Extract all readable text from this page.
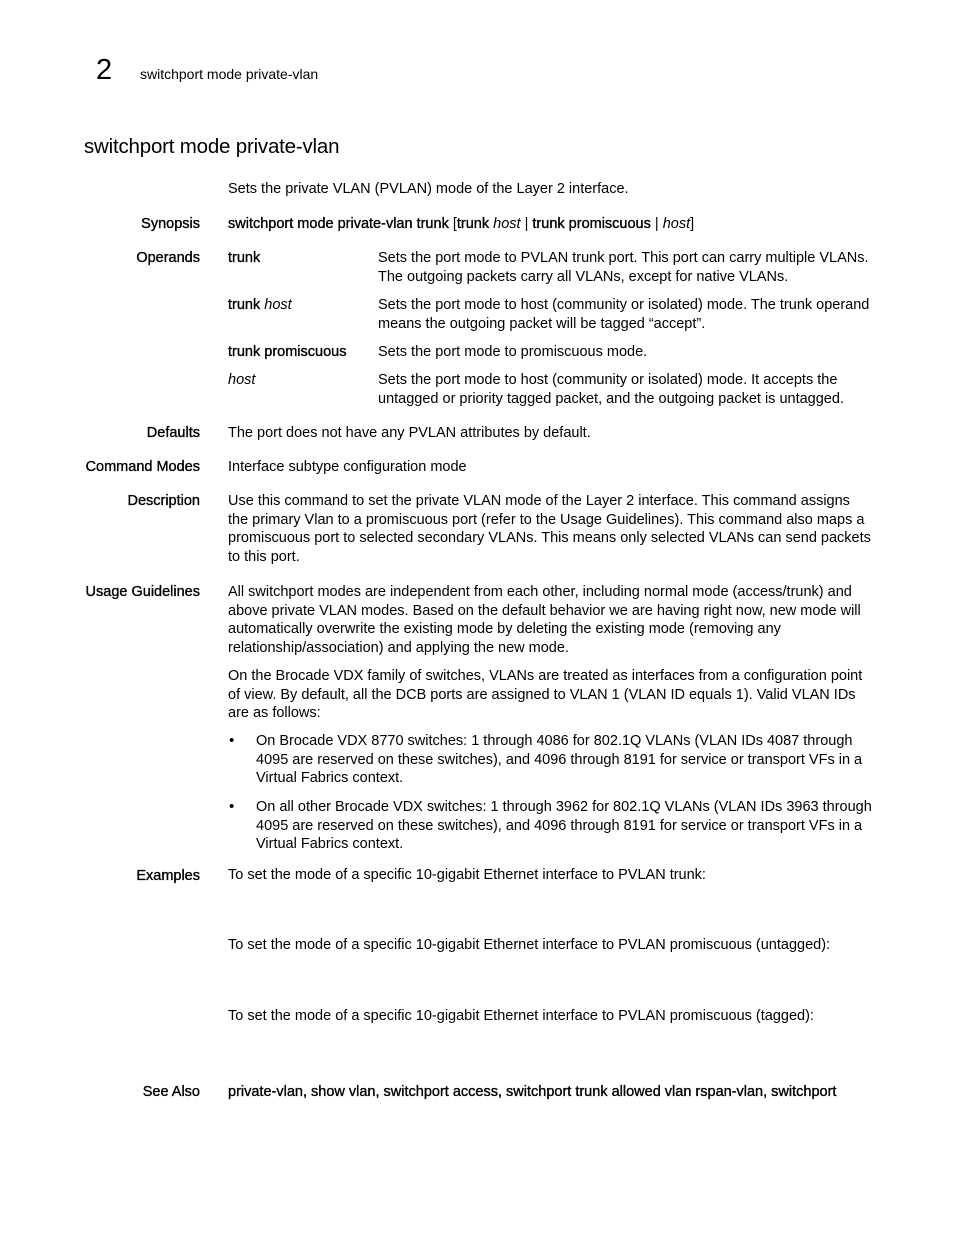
2 switchport mode private-vlan
switchport mode private-vlan
Sets the private VLAN (PVLAN) mode of the Layer 2 interface.
Synopsis switchport mode private-vlan trunk [trunk host | trunk promiscuous | host]
Operands trunk	Sets the port mode to PVLAN trunk port. This port can carry multiple VLANs. The outgoing packets carry all VLANs, except for native VLANs.
trunk host	Sets the port mode to host (community or isolated) mode. The trunk operand means the outgoing packet will be tagged “accept”.
trunk promiscuous	Sets the port mode to promiscuous mode.
host	Sets the port mode to host (community or isolated) mode. It accepts the untagged or priority tagged packet, and the outgoing packet is untagged.
Defaults The port does not have any PVLAN attributes by default.
Command Modes Interface subtype configuration mode
Description Use this command to set the private VLAN mode of the Layer 2 interface. This command assigns the primary Vlan to a promiscuous port (refer to the Usage Guidelines). This command also maps a promiscuous port to selected secondary VLANs. This means only selected VLANs can send packets to this port.
Usage Guidelines All switchport modes are independent from each other, including normal mode (access/trunk) and above private VLAN modes. Based on the default behavior we are having right now, new mode will automatically overwrite the existing mode by deleting the existing mode (removing any relationship/association) and applying the new mode.

On the Brocade VDX family of switches, VLANs are treated as interfaces from a configuration point of view. By default, all the DCB ports are assigned to VLAN 1 (VLAN ID equals 1). Valid VLAN IDs are as follows:

• On Brocade VDX 8770 switches: 1 through 4086 for 802.1Q VLANs (VLAN IDs 4087 through 4095 are reserved on these switches), and 4096 through 8191 for service or transport VFs in a Virtual Fabrics context.
• On all other Brocade VDX switches: 1 through 3962 for 802.1Q VLANs (VLAN IDs 3963 through 4095 are reserved on these switches), and 4096 through 8191 for service or transport VFs in a Virtual Fabrics context.
Examples To set the mode of a specific 10-gigabit Ethernet interface to PVLAN trunk:
To set the mode of a specific 10-gigabit Ethernet interface to PVLAN promiscuous (untagged):
To set the mode of a specific 10-gigabit Ethernet interface to PVLAN promiscuous (tagged):
See Also private-vlan, show vlan, switchport access, switchport trunk allowed vlan rspan-vlan, switchport
